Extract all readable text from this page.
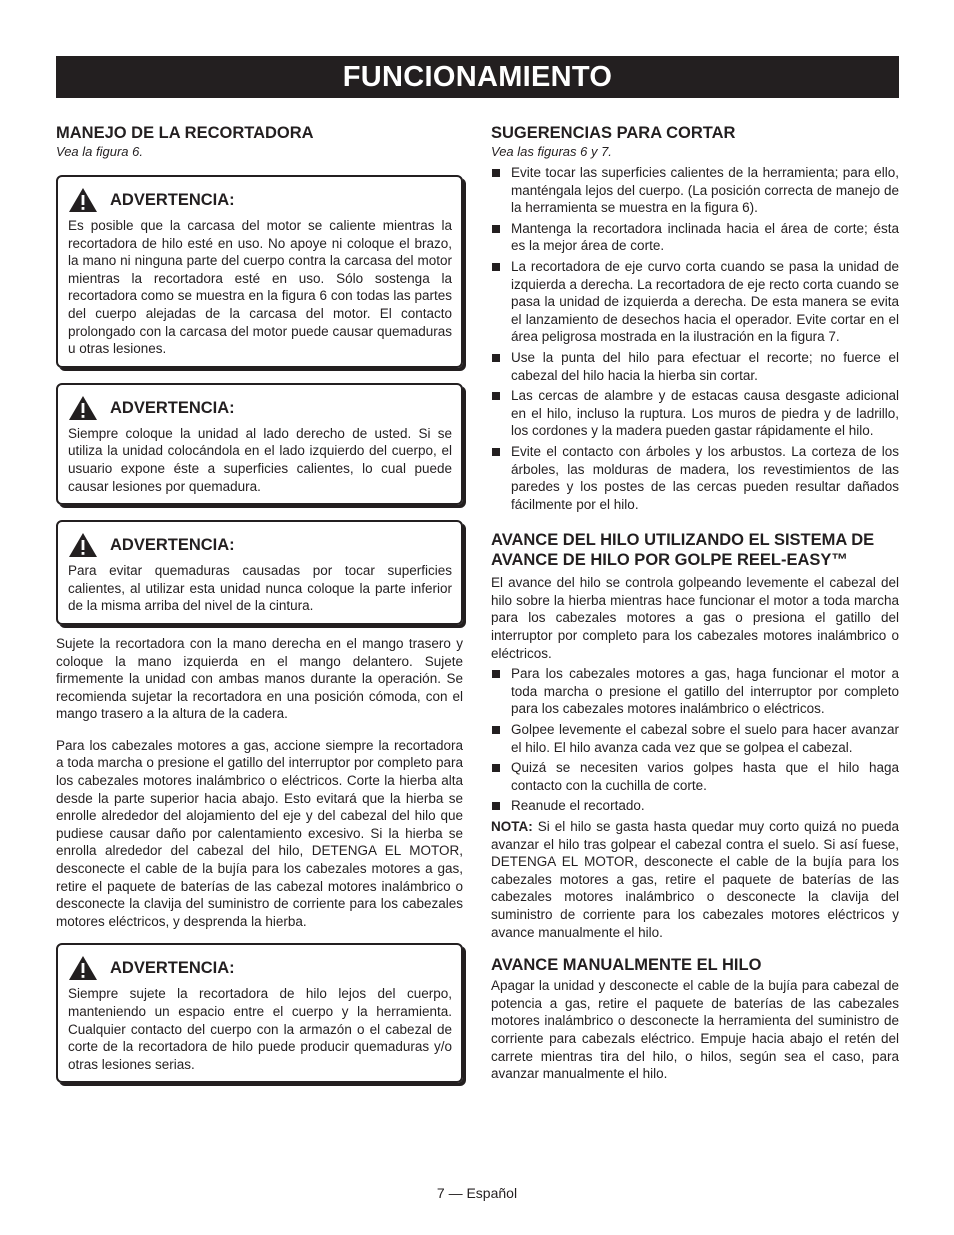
FUNCIONAMIENTO
MANEJO DE LA RECORTADORA
Vea la figura 6.
ADVERTENCIA:

Es posible que la carcasa del motor se caliente mientras la recortadora de hilo esté en uso. No apoye ni coloque el brazo, la mano ni ninguna parte del cuerpo contra la carcasa del motor mientras la recortadora esté en uso. Sólo sostenga la recortadora como se muestra en la figura 6 con todas las partes del cuerpo alejadas de la carcasa del motor. El contacto prolongado con la carcasa del motor puede causar quemaduras u otras lesiones.

ADVERTENCIA:

Siempre coloque la unidad al lado derecho de usted. Si se utiliza la unidad colocándola en el lado izquierdo del cuerpo, el usuario expone éste a superficies calientes, lo cual puede causar lesiones por quemadura.

ADVERTENCIA:

Para evitar quemaduras causadas por tocar superficies calientes, al utilizar esta unidad nunca coloque la parte inferior de la misma arriba del nivel de la cintura.

Sujete la recortadora con la mano derecha en el mango trasero y coloque la mano izquierda en el mango delantero. Sujete firmemente la unidad con ambas manos durante la operación. Se recomienda sujetar la recortadora en una posición cómoda, con el mango trasero a la altura de la cadera.

Para los cabezales motores a gas, accione siempre la recortadora a toda marcha o presione el gatillo del interruptor por completo para los cabezales motores inalámbrico o eléctricos. Corte la hierba alta desde la parte superior hacia abajo. Esto evitará que la hierba se enrolle alrededor del alojamiento del eje y del cabezal del hilo que pudiese causar daño por calentamiento excesivo. Si la hierba se enrolla alrededor del cabezal del hilo, DETENGA EL MOTOR, desconecte el cable de la bujía para los cabezales motores a gas, retire el paquete de baterías de las cabezal motores inalámbrico o desconecte la clavija del suministro de corriente para los cabezales motores eléctricos, y desprenda la hierba.

ADVERTENCIA:

Siempre sujete la recortadora de hilo lejos del cuerpo, manteniendo un espacio entre el cuerpo y la herramienta. Cualquier contacto del cuerpo con la armazón o el cabezal de corte de la recortadora de hilo puede producir quemaduras y/o otras lesiones serias.

SUGERENCIAS PARA CORTAR
Vea las figuras 6 y 7.
Evite tocar las superficies calientes de la herramienta; para ello, manténgala lejos del cuerpo. (La posición correcta de manejo de la herramienta se muestra en la figura 6).
Mantenga la recortadora inclinada hacia el área de corte; ésta es la mejor área de corte.
La recortadora de eje curvo corta cuando se pasa la unidad de izquierda a derecha. La recortadora de eje recto corta cuando se pasa la unidad de izquierda a derecha. De esta manera se evita el lanzamiento de desechos hacia el operador. Evite cortar en el área peligrosa mostrada en la ilustración en la figura 7.
Use la punta del hilo para efectuar el recorte; no fuerce el cabezal del hilo hacia la hierba sin cortar.
Las cercas de alambre y de estacas causa desgaste adicional en el hilo, incluso la ruptura. Los muros de piedra y de ladrillo, los cordones y la madera pueden gastar rápidamente el hilo.
Evite el contacto con árboles y los arbustos. La corteza de los árboles, las molduras de madera, los revestimientos de las paredes y los postes de las cercas pueden resultar dañados fácilmente por el hilo.
AVANCE DEL HILO UTILIZANDO EL SISTEMA DE AVANCE DE HILO POR GOLPE REEL-EASY™

El avance del hilo se controla golpeando levemente el cabezal del hilo sobre la hierba mientras hace funcionar el motor a toda marcha para los cabezales motores a gas o presiona el gatillo del interruptor por completo para los cabezales motores inalámbrico o eléctricos.

Para los cabezales motores a gas, haga funcionar el motor a toda marcha o presione el gatillo del interruptor por completo para los cabezales motores inalámbrico o eléctricos.
Golpee levemente el cabezal sobre el suelo para hacer avanzar el hilo. El hilo avanza cada vez que se golpea el cabezal.
Quizá se necesiten varios golpes hasta que el hilo haga contacto con la cuchilla de corte.
Reanude el recortado.

NOTA: Si el hilo se gasta hasta quedar muy corto quizá no pueda avanzar el hilo tras golpear el cabezal contra el suelo. Si así fuese, DETENGA EL MOTOR, desconecte el cable de la bujía para los cabezales motores a gas, retire el paquete de baterías de las cabezales motores inalámbrico o desconecte la clavija del suministro de corriente para los cabezales motores eléctricos y avance manualmente el hilo.

AVANCE MANUALMENTE EL HILO

Apagar la unidad y desconecte el cable de la bujía para cabezal de potencia a gas, retire el paquete de baterías de las cabezales motores inalámbrico o desconecte la herramienta del suministro de corriente para cabezals eléctrico. Empuje hacia abajo el retén del carrete mientras tira del hilo, o hilos, según sea el caso, para avanzar manualmente el hilo.

7 — Español
